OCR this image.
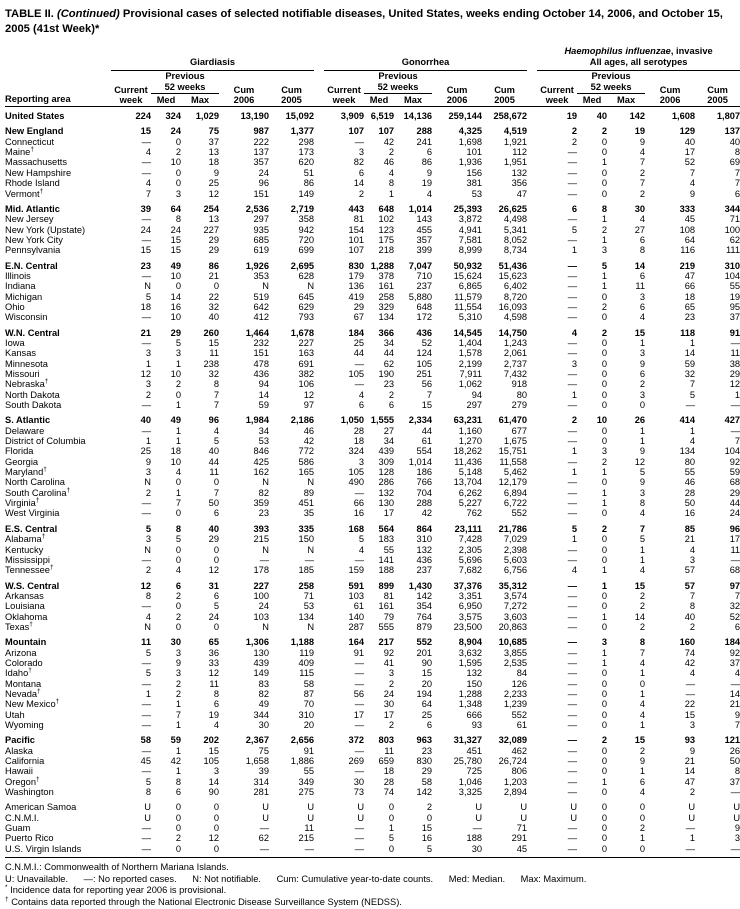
TABLE II. (Continued) Provisional cases of selected notifiable diseases, United States, weeks ending October 14, 2006, and October 15, 2005 (41st Week)*
Reporting area	Giardiasis						Gonorrhea						Haemophilus influenzae, invasive
All ages, all serotypes				

Current
week

Previous
52 weeks	Cum
2006

Cum
2005

Current
week

Previous
52 weeks	Cum
2006

Cum
2005

Current
week

Previous
52 weeks	Cum
2006

Cum
2005

		Med	Max					Med	Max					Med	Max		
United States	224	324	1,029	13,190	15,092		3,909	6,519	14,136	259,144	258,672		19	40	142	1,608	1,807
New England	15	24	75	987	1,377		107	107	288	4,325	4,519		2	2	19	129	137
Connecticut	—	0	37	222	298		—	42	241	1,698	1,921		2	0	9	40	40
Maine†	4	2	13	137	173		3	2	6	101	112		—	0	4	17	8
Massachusetts	—	10	18	357	620		82	46	86	1,936	1,951		—	1	7	52	69
New Hampshire	—	0	9	24	51		6	4	9	156	132		—	0	2	7	7
Rhode Island	4	0	25	96	86		14	8	19	381	356		—	0	7	4	7
Vermont†	7	3	12	151	149		2	1	4	53	47		—	0	2	9	6
Mid. Atlantic	39	64	254	2,536	2,719		443	648	1,014	25,393	26,625		6	8	30	333	344
New Jersey	—	8	13	297	358		81	102	143	3,872	4,498		—	1	4	45	71
New York (Upstate)	24	24	227	935	942		154	123	455	4,941	5,341		5	2	27	108	100
New York City	—	15	29	685	720		101	175	357	7,581	8,052		—	1	6	64	62
Pennsylvania	15	15	29	619	699		107	218	399	8,999	8,734		1	3	8	116	111
E.N. Central	23	49	86	1,926	2,695		830	1,288	7,047	50,932	51,436		—	5	14	219	310
Illinois	—	10	21	353	628		179	378	710	15,624	15,623		—	1	6	47	104
Indiana	N	0	0	N	N		136	161	237	6,865	6,402		—	1	11	66	55
Michigan	5	14	22	519	645		419	258	5,880	11,579	8,720		—	0	3	18	19
Ohio	18	16	32	642	629		29	329	648	11,554	16,093		—	2	6	65	95
Wisconsin	—	10	40	412	793		67	134	172	5,310	4,598		—	0	4	23	37
W.N. Central	21	29	260	1,464	1,678		184	366	436	14,545	14,750		4	2	15	118	91
Iowa	—	5	15	232	227		25	34	52	1,404	1,243		—	0	1	1	—
Kansas	3	3	11	151	163		44	44	124	1,578	2,061		—	0	3	14	11
Minnesota	1	1	238	478	691		—	62	105	2,199	2,737		3	0	9	59	38
Missouri	12	10	32	436	382		105	190	251	7,911	7,432		—	0	6	32	29
Nebraska†	3	2	8	94	106		—	23	56	1,062	918		—	0	2	7	12
North Dakota	2	0	7	14	12		4	2	7	94	80		1	0	3	5	1
South Dakota	—	1	7	59	97		6	6	15	297	279		—	0	0	—	—
S. Atlantic	40	49	96	1,984	2,186		1,050	1,555	2,334	63,231	61,470		2	10	26	414	427
Delaware	—	1	4	34	46		28	27	44	1,160	677		—	0	1	1	—
District of Columbia	1	1	5	53	42		18	34	61	1,270	1,675		—	0	1	4	7
Florida	25	18	40	846	772		324	439	554	18,262	15,751		1	3	9	134	104
Georgia	9	10	44	425	586		3	309	1,014	11,436	11,558		—	2	12	80	92
Maryland†	3	4	11	162	165		105	128	186	5,148	5,462		1	1	5	55	59
North Carolina	N	0	0	N	N		490	286	766	13,704	12,179		—	0	9	46	68
South Carolina†	2	1	7	82	89		—	132	704	6,262	6,894		—	1	3	28	29
Virginia†	—	7	50	359	451		66	130	288	5,227	6,722		—	1	8	50	44
West Virginia	—	0	6	23	35		16	17	42	762	552		—	0	4	16	24
E.S. Central	5	8	40	393	335		168	564	864	23,111	21,786		5	2	7	85	96
Alabama†	3	5	29	215	150		5	183	310	7,428	7,029		1	0	5	21	17
Kentucky	N	0	0	N	N		4	55	132	2,305	2,398		—	0	1	4	11
Mississippi	—	0	0	—	—		—	141	436	5,696	5,603		—	0	1	3	—
Tennessee†	2	4	12	178	185		159	188	237	7,682	6,756		4	1	4	57	68
W.S. Central	12	6	31	227	258		591	899	1,430	37,376	35,312		—	1	15	57	97
Arkansas	8	2	6	100	71		103	81	142	3,351	3,574		—	0	2	7	7
Louisiana	—	0	5	24	53		61	161	354	6,950	7,272		—	0	2	8	32
Oklahoma	4	2	24	103	134		140	79	764	3,575	3,603		—	1	14	40	52
Texas†	N	0	0	N	N		287	555	879	23,500	20,863		—	0	2	2	6
Mountain	11	30	65	1,306	1,188		164	217	552	8,904	10,685		—	3	8	160	184
Arizona	5	3	36	130	119		91	92	201	3,632	3,855		—	1	7	74	92
Colorado	—	9	33	439	409		—	41	90	1,595	2,535		—	1	4	42	37
Idaho†	5	3	12	149	115		—	3	15	132	84		—	0	1	4	4
Montana	—	2	11	83	58		—	2	20	150	126		—	0	0	—	—
Nevada†	1	2	8	82	87		56	24	194	1,288	2,233		—	0	1	—	14
New Mexico†	—	1	6	49	70		—	30	64	1,348	1,239		—	0	4	22	21
Utah	—	7	19	344	310		17	17	25	666	552		—	0	4	15	9
Wyoming	—	1	4	30	20		—	2	6	93	61		—	0	1	3	7
Pacific	58	59	202	2,367	2,656		372	803	963	31,327	32,089		—	2	15	93	121
Alaska	—	1	15	75	91		—	11	23	451	462		—	0	2	9	26
California	45	42	105	1,658	1,886		269	659	830	25,780	26,724		—	0	9	21	50
Hawaii	—	1	3	39	55		—	18	29	725	806		—	0	1	14	8
Oregon†	5	8	14	314	349		30	28	58	1,046	1,203		—	1	6	47	37
Washington	8	6	90	281	275		73	74	142	3,325	2,894		—	0	4	2	—
American Samoa	U	0	0	U	U		U	0	2	U	U		U	0	0	U	U
C.N.M.I.	U	0	0	U	U		U	0	0	U	U		U	0	0	U	U
Guam	—	0	0	—	11		—	1	15	—	71		—	0	2	—	9
Puerto Rico	—	2	12	62	215		—	5	16	188	291		—	0	1	1	3
U.S. Virgin Islands	—	0	0	—	—		—	0	5	30	45		—	0	0	—	—
C.N.M.I.: Commonwealth of Northern Mariana Islands.
U: Unavailable. —: No reported cases. N: Not notifiable. Cum: Cumulative year-to-date counts. Med: Median. Max: Maximum.
* Incidence data for reporting year 2006 is provisional.
† Contains data reported through the National Electronic Disease Surveillance System (NEDSS).
